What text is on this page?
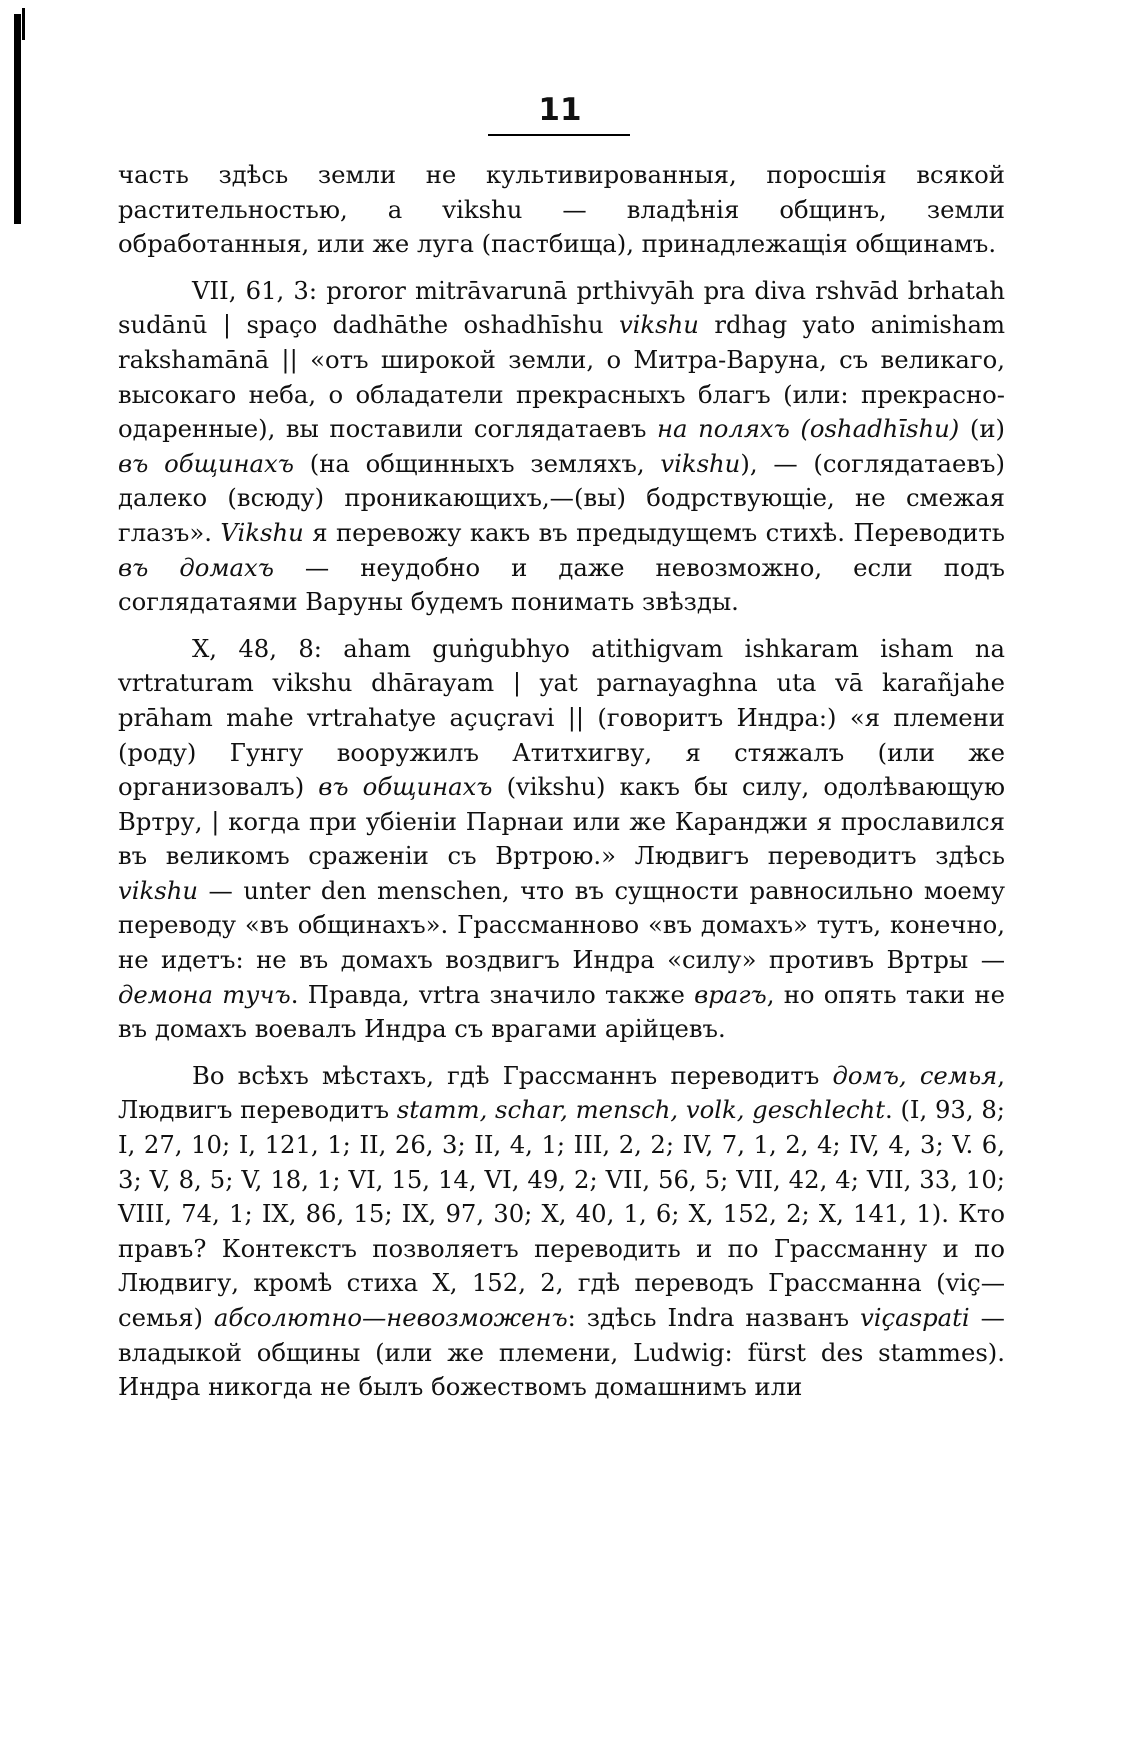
11

часть здѣсь земли не культивированныя, поросшія всякой растительностью, а vikshu — владѣнія общинъ, земли обработанныя, или же луга (пастбища), принадлежащія общинамъ.

VII, 61, 3: proror mitrāvarunā prthivyāh pra diva rshvād brhatah sudānū | spaço dadhāthe oshadhīshu vikshu rdhag yato animisham rakshamānā || «отъ широкой земли, о Митра-Варуна, съ великаго, высокаго неба, о обладатели прекрасныхъ благъ (или: прекрасно-одаренные), вы поставили соглядатаевъ на поляхъ (oshadhīshu) (и) въ общинахъ (на общинныхъ земляхъ, vikshu), — (соглядатаевъ) далеко (всюду) проникающихъ,—(вы) бодрствующіе, не смежая глазъ». Vikshu я перевожу какъ въ предыдущемъ стихѣ. Переводить въ домахъ — неудобно и даже невозможно, если подъ соглядатаями Варуны будемъ понимать звѣзды.

X, 48, 8: aham guṅgubhyo atithigvam ishkaram isham na vrtraturam vikshu dhārayam | yat parnayaghna uta vā karañjahe prāham mahe vrtrahatye açuçravi || (говоритъ Индра:) «я племени (роду) Гунгу вооружилъ Атитхигву, я стяжалъ (или же организовалъ) въ общинахъ (vikshu) какъ бы силу, одолѣвающую Вртру, | когда при убіеніи Парнаи или же Каранджи я прославился въ великомъ сраженіи съ Вртрою.» Людвигъ переводитъ здѣсь vikshu — unter den menschen, что въ сущности равносильно моему переводу «въ общинахъ». Грассманново «въ домахъ» тутъ, конечно, не идетъ: не въ домахъ воздвигъ Индра «силу» противъ Вртры — демона тучъ. Правда, vrtra значило также врагъ, но опять таки не въ домахъ воевалъ Индра съ врагами арійцевъ.

Во всѣхъ мѣстахъ, гдѣ Грассманнъ переводитъ домъ, семья, Людвигъ переводитъ stamm, schar, mensch, volk, geschlecht. (I, 93, 8; I, 27, 10; I, 121, 1; II, 26, 3; II, 4, 1; III, 2, 2; IV, 7, 1, 2, 4; IV, 4, 3; V. 6, 3; V, 8, 5; V, 18, 1; VI, 15, 14, VI, 49, 2; VII, 56, 5; VII, 42, 4; VII, 33, 10; VIII, 74, 1; IX, 86, 15; IX, 97, 30; X, 40, 1, 6; X, 152, 2; X, 141, 1). Кто правъ? Контекстъ позволяетъ переводить и по Грассманну и по Людвигу, кромѣ стиха X, 152, 2, гдѣ переводъ Грассманна (viç—семья) абсолютно—невозможенъ: здѣсь Indra названъ viçaspati — владыкой общины (или же племени, Ludwig: fürst des stammes). Индра никогда не былъ божествомъ домашнимъ или
